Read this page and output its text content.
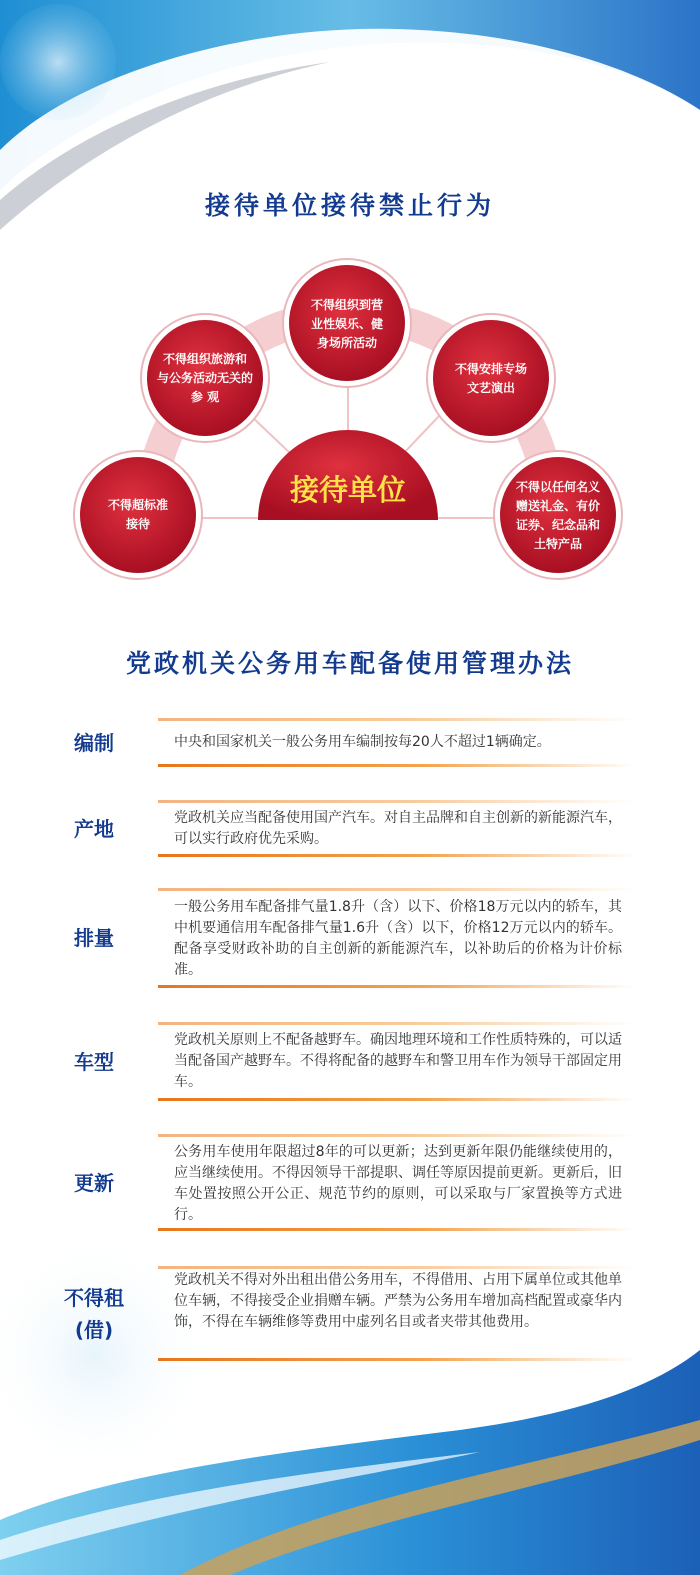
接待单位接待禁止行为
接待单位
不得超标准
接待
不得组织旅游和
与公务活动无关的
参 观
不得组织到营
业性娱乐、健
身场所活动
不得安排专场
文艺演出
不得以任何名义
赠送礼金、有价
证券、纪念品和
土特产品
党政机关公务用车配备使用管理办法
编制	中央和国家机关一般公务用车编制按每20人不超过1辆确定。
产地	党政机关应当配备使用国产汽车。对自主品牌和自主创新的新能源汽车，可以实行政府优先采购。
排量
一般公务用车配备排气量1.8升（含）以下、价格18万元以内的轿车，其中机要通信用车配备排气量1.6升（含）以下，价格12万元以内的轿车。配备享受财政补助的自主创新的新能源汽车，以补助后的价格为计价标准。
车型
党政机关原则上不配备越野车。确因地理环境和工作性质特殊的，可以适当配备国产越野车。不得将配备的越野车和警卫用车作为领导干部固定用车。
更新
公务用车使用年限超过8年的可以更新；达到更新年限仍能继续使用的，应当继续使用。不得因领导干部提职、调任等原因提前更新。更新后，旧车处置按照公开公正、规范节约的原则，可以采取与厂家置换等方式进行。
不得租
(借)
党政机关不得对外出租出借公务用车，不得借用、占用下属单位或其他单位车辆，不得接受企业捐赠车辆。严禁为公务用车增加高档配置或豪华内饰，不得在车辆维修等费用中虚列名目或者夹带其他费用。
